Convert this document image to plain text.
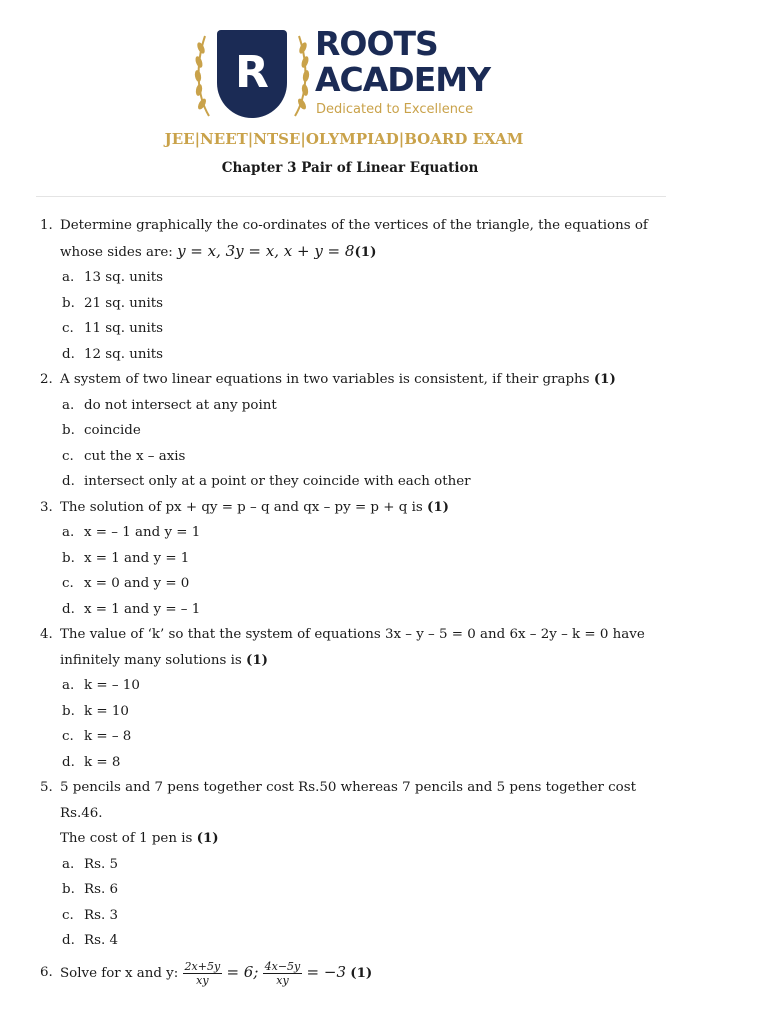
R
ROOTS
ACADEMY
Dedicated to Excellence
JEE|NEET|NTSE|OLYMPIAD|BOARD EXAM
Chapter 3 Pair of Linear Equation
1. Determine graphically the co-ordinates of the vertices of the triangle, the equations of
whose sides are: y = x, 3y = x, x + y = 8(1)
a. 13 sq. units
b. 21 sq. units
c. 11 sq. units
d. 12 sq. units
2. A system of two linear equations in two variables is consistent, if their graphs (1)
a. do not intersect at any point
b. coincide
c. cut the x – axis
d. intersect only at a point or they coincide with each other
3. The solution of px + qy = p – q and qx – py = p + q is (1)
a. x = – 1 and y = 1
b. x = 1 and y = 1
c. x = 0 and y = 0
d. x = 1 and y = – 1
4. The value of ‘k’ so that the system of equations 3x – y – 5 = 0 and 6x – 2y – k = 0 have
infinitely many solutions is (1)
a. k = – 10
b. k = 10
c. k = – 8
d. k = 8
5. 5 pencils and 7 pens together cost Rs.50 whereas 7 pencils and 5 pens together cost Rs.46.
The cost of 1 pen is (1)
a. Rs. 5
b. Rs. 6
c. Rs. 3
d. Rs. 4
6. Solve for x and y: $\frac{2x+5y}{xy} = 6$; $\frac{4x-5y}{xy} = -3$ (1)
